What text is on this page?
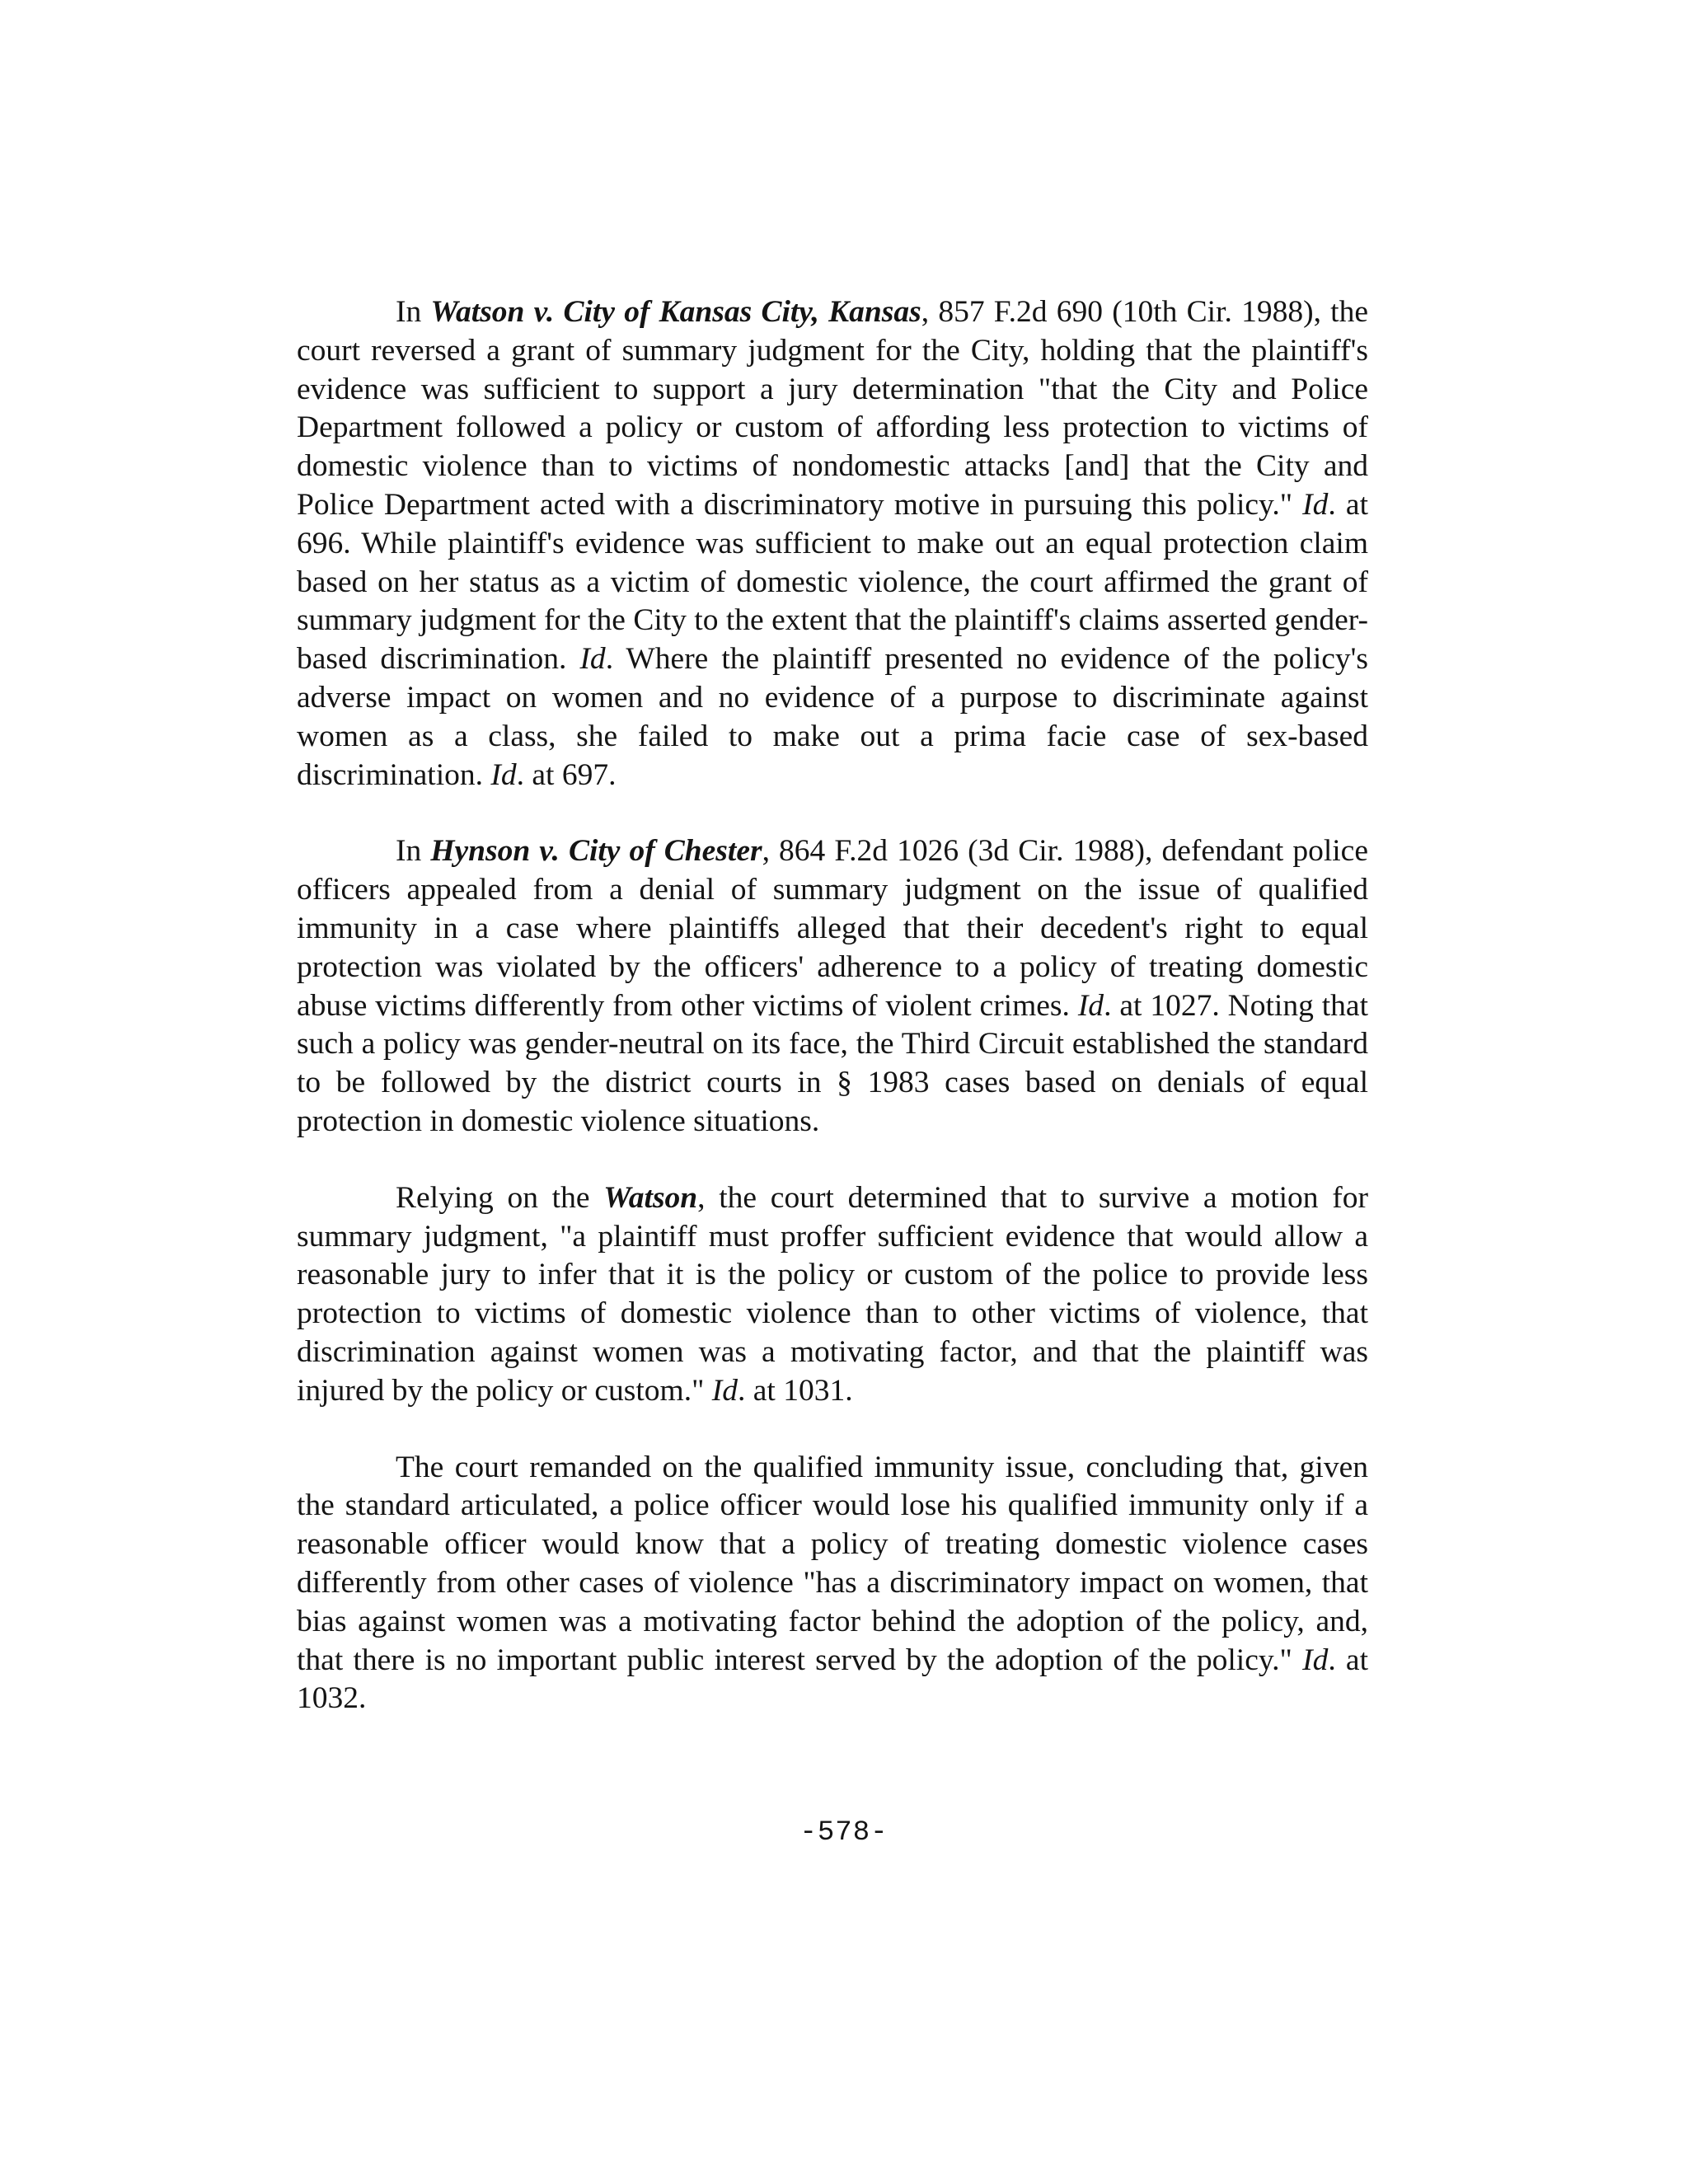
In Watson v. City of Kansas City, Kansas, 857 F.2d 690 (10th Cir. 1988), the court reversed a grant of summary judgment for the City, holding that the plaintiff's evidence was sufficient to support a jury determination "that the City and Police Department followed a policy or custom of affording less protection to victims of domestic violence than to victims of nondomestic attacks [and] that the City and Police Department acted with a discriminatory motive in pursuing this policy." Id. at 696. While plaintiff's evidence was sufficient to make out an equal protection claim based on her status as a victim of domestic violence, the court affirmed the grant of summary judgment for the City to the extent that the plaintiff's claims asserted gender-based discrimination. Id. Where the plaintiff presented no evidence of the policy's adverse impact on women and no evidence of a purpose to discriminate against women as a class, she failed to make out a prima facie case of sex-based discrimination. Id. at 697.

In Hynson v. City of Chester, 864 F.2d 1026 (3d Cir. 1988), defendant police officers appealed from a denial of summary judgment on the issue of qualified immunity in a case where plaintiffs alleged that their decedent's right to equal protection was violated by the officers' adherence to a policy of treating domestic abuse victims differently from other victims of violent crimes. Id. at 1027. Noting that such a policy was gender-neutral on its face, the Third Circuit established the standard to be followed by the district courts in § 1983 cases based on denials of equal protection in domestic violence situations.

Relying on the Watson, the court determined that to survive a motion for summary judgment, "a plaintiff must proffer sufficient evidence that would allow a reasonable jury to infer that it is the policy or custom of the police to provide less protection to victims of domestic violence than to other victims of violence, that discrimination against women was a motivating factor, and that the plaintiff was injured by the policy or custom." Id. at 1031.

The court remanded on the qualified immunity issue, concluding that, given the standard articulated, a police officer would lose his qualified immunity only if a reasonable officer would know that a policy of treating domestic violence cases differently from other cases of violence "has a discriminatory impact on women, that bias against women was a motivating factor behind the adoption of the policy, and, that there is no important public interest served by the adoption of the policy." Id. at 1032.

-578-
